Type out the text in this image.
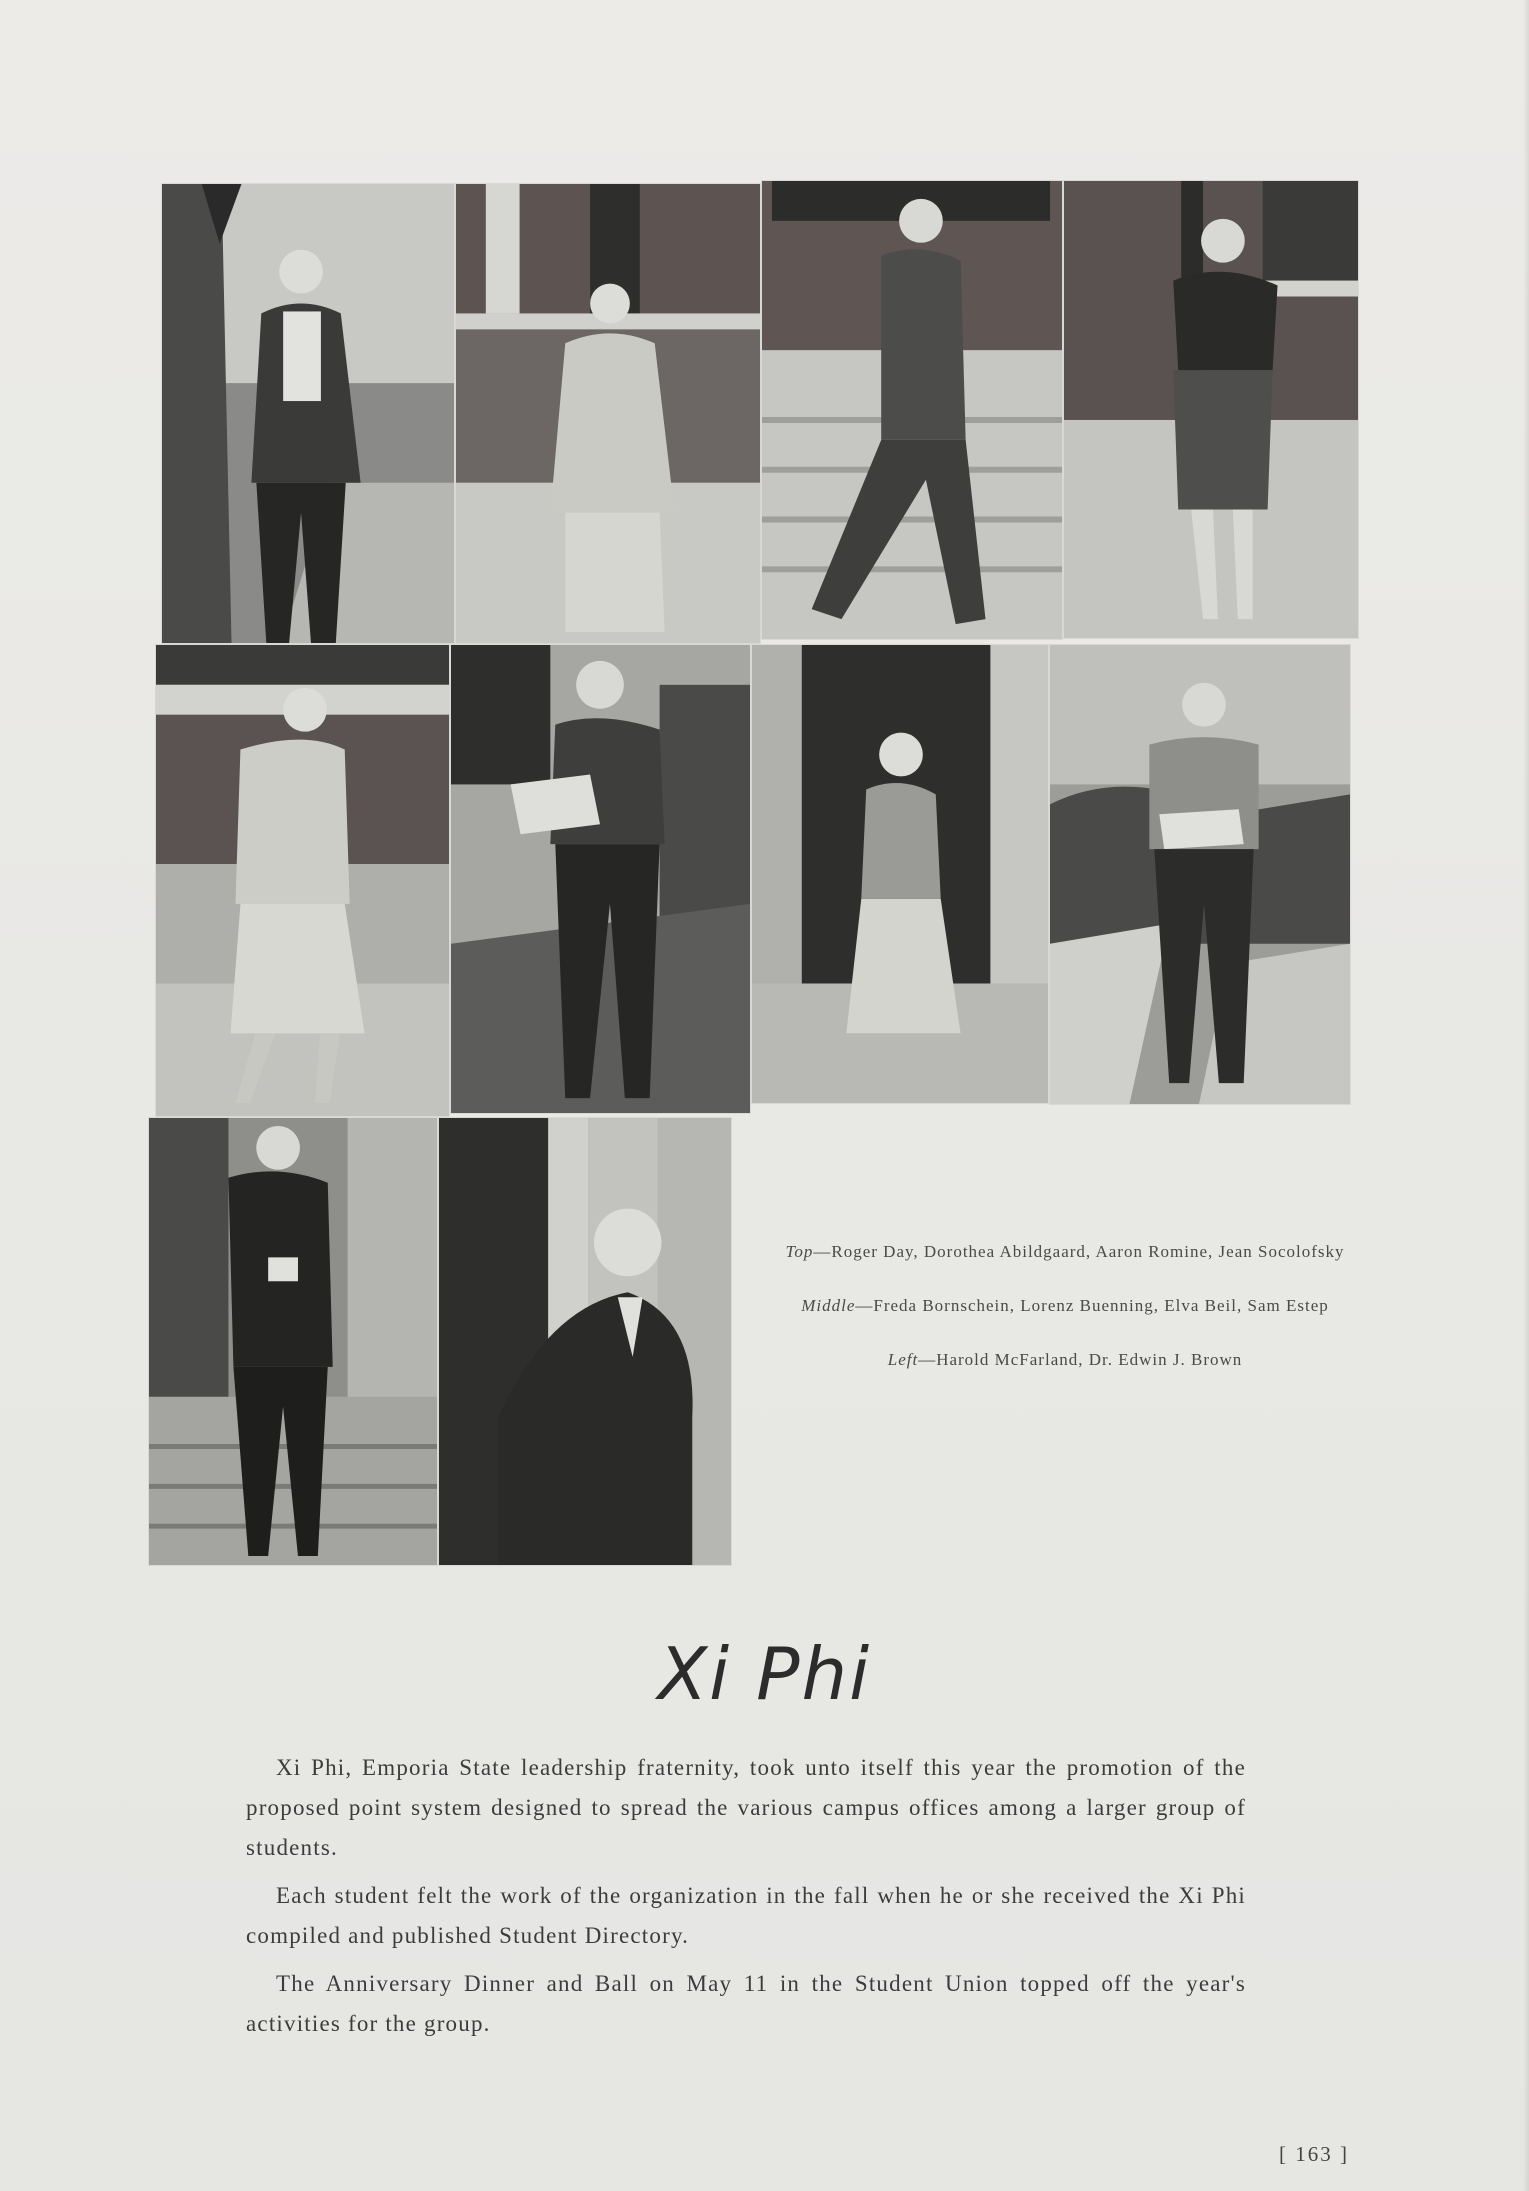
Top—Roger Day, Dorothea Abildgaard, Aaron Romine, Jean Socolofsky

Middle—Freda Bornschein, Lorenz Buenning, Elva Beil, Sam Estep

Left—Harold McFarland, Dr. Edwin J. Brown

Xi Phi

Xi Phi, Emporia State leadership fraternity, took unto itself this year the promotion of the proposed point system designed to spread the various campus offices among a larger group of students.

Each student felt the work of the organization in the fall when he or she received the Xi Phi compiled and published Student Directory.

The Anniversary Dinner and Ball on May 11 in the Student Union topped off the year's activities for the group.

[ 163 ]
